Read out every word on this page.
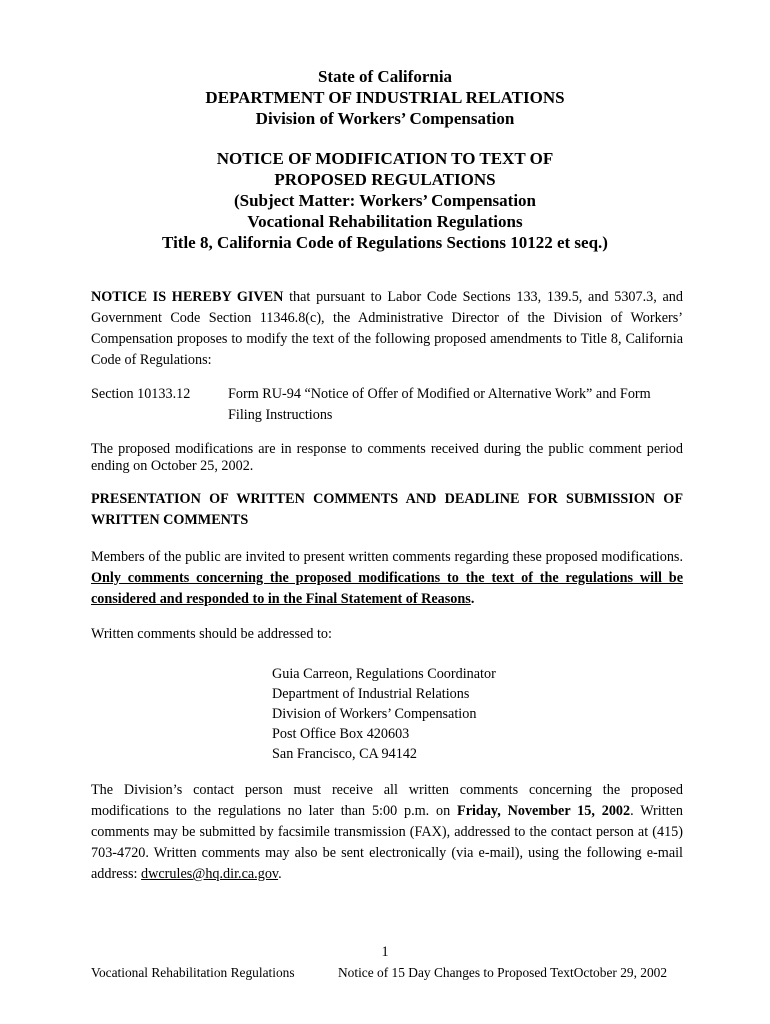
State of California
DEPARTMENT OF INDUSTRIAL RELATIONS
Division of Workers’ Compensation
NOTICE OF MODIFICATION TO TEXT OF
PROPOSED REGULATIONS
(Subject Matter: Workers’ Compensation
Vocational Rehabilitation Regulations
Title 8, California Code of Regulations Sections 10122 et seq.)
NOTICE IS HEREBY GIVEN that pursuant to Labor Code Sections 133, 139.5, and 5307.3, and Government Code Section 11346.8(c), the Administrative Director of the Division of Workers’ Compensation proposes to modify the text of the following proposed amendments to Title 8, California Code of Regulations:
Section 10133.12	Form RU-94 “Notice of Offer of Modified or Alternative Work” and Form Filing Instructions
The proposed modifications are in response to comments received during the public comment period ending on October 25, 2002.
PRESENTATION OF WRITTEN COMMENTS AND DEADLINE FOR SUBMISSION OF WRITTEN COMMENTS
Members of the public are invited to present written comments regarding these proposed modifications. Only comments concerning the proposed modifications to the text of the regulations will be considered and responded to in the Final Statement of Reasons.
Written comments should be addressed to:
Guia Carreon, Regulations Coordinator
Department of Industrial Relations
Division of Workers’ Compensation
Post Office Box 420603
San Francisco, CA 94142
The Division’s contact person must receive all written comments concerning the proposed modifications to the regulations no later than 5:00 p.m. on Friday, November 15, 2002. Written comments may be submitted by facsimile transmission (FAX), addressed to the contact person at (415) 703-4720. Written comments may also be sent electronically (via e-mail), using the following e-mail address: dwcrules@hq.dir.ca.gov.
1
Vocational Rehabilitation Regulations	Notice of 15 Day Changes to Proposed TextOctober 29, 2002
